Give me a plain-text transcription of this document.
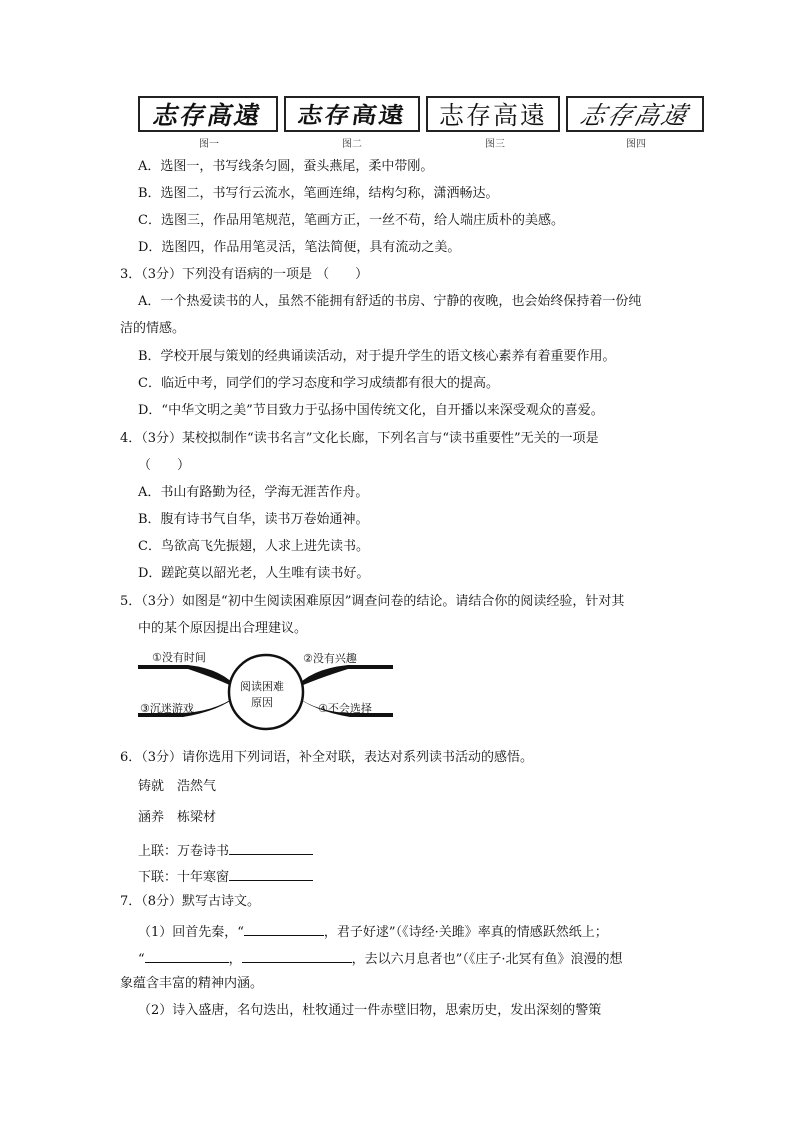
志存高遠 志存高遠 志存高遠 志存高遠
图一	图二	图三	图四
A．选图一，书写线条匀圆，蚕头燕尾，柔中带刚。
B．选图二，书写行云流水，笔画连绵，结构匀称，潇洒畅达。
C．选图三，作品用笔规范，笔画方正，一丝不苟，给人端庄质朴的美感。
D．选图四，作品用笔灵活，笔法简便，具有流动之美。
3．（3分）下列没有语病的一项是 （　　）
A．一个热爱读书的人，虽然不能拥有舒适的书房、宁静的夜晚，也会始终保持着一份纯
洁的情感。
B．学校开展与策划的经典诵读活动，对于提升学生的语文核心素养有着重要作用。
C．临近中考，同学们的学习态度和学习成绩都有很大的提高。
D．“中华文明之美”节目致力于弘扬中国传统文化，自开播以来深受观众的喜爱。
4．（3分）某校拟制作“读书名言”文化长廊，下列名言与“读书重要性”无关的一项是
（　　）
A．书山有路勤为径，学海无涯苦作舟。
B．腹有诗书气自华，读书万卷始通神。
C．鸟欲高飞先振翅，人求上进先读书。
D．蹉跎莫以韶光老，人生唯有读书好。
5．（3分）如图是“初中生阅读困难原因”调查问卷的结论。请结合你的阅读经验，针对其
中的某个原因提出合理建议。
阅读困难
原因
①没有时间	②没有兴趣
③沉迷游戏	④不会选择
6．（3分）请你选用下列词语，补全对联，表达对系列读书活动的感悟。
铸就　浩然气
涵养　栋梁材
上联：万卷诗书
下联：十年寒窗
7．（8分）默写古诗文。
（1）回首先秦，“	，君子好逑”（《诗经·关雎》率真的情感跃然纸上；
“	，	，去以六月息者也”（《庄子·北冥有鱼》浪漫的想
象蕴含丰富的精神内涵。
（2）诗入盛唐，名句迭出，杜牧通过一件赤壁旧物，思索历史，发出深刻的警策
